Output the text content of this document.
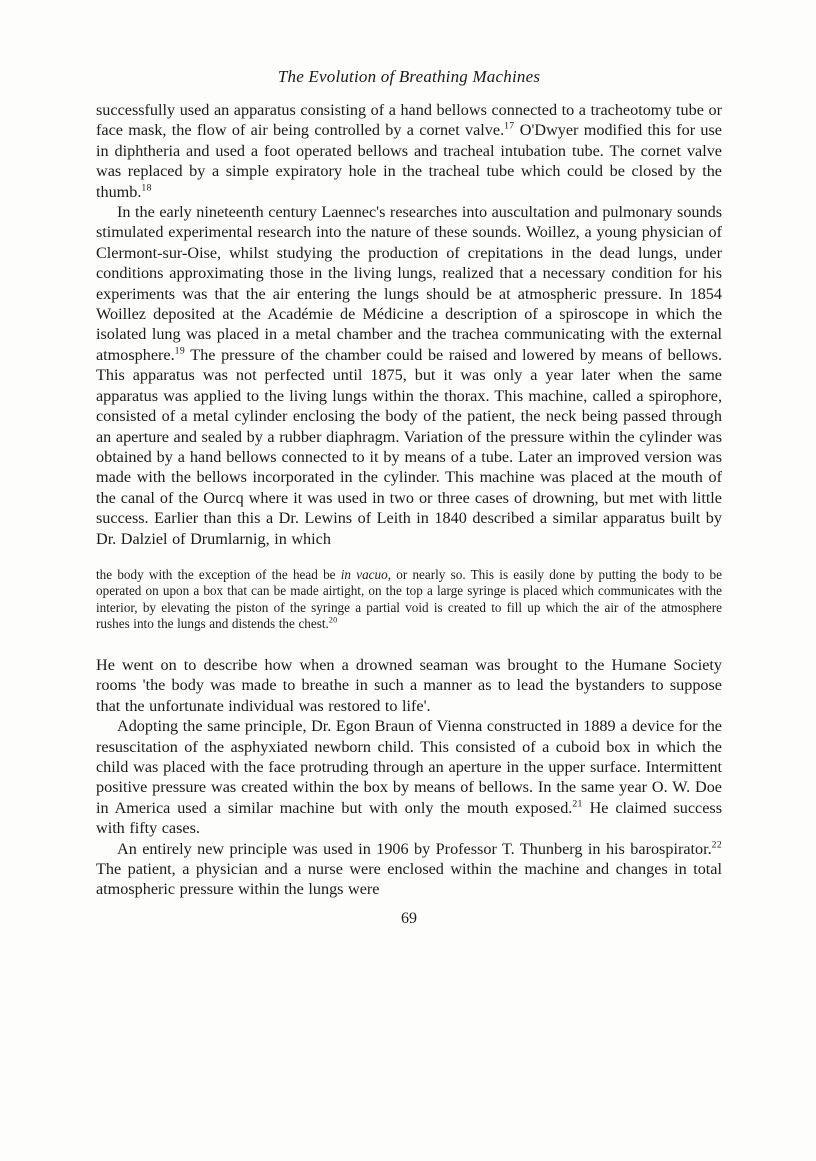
The Evolution of Breathing Machines

successfully used an apparatus consisting of a hand bellows connected to a tracheotomy tube or face mask, the flow of air being controlled by a cornet valve.$^{17}$ O'Dwyer modified this for use in diphtheria and used a foot operated bellows and tracheal intubation tube. The cornet valve was replaced by a simple expiratory hole in the tracheal tube which could be closed by the thumb.$^{18}$

In the early nineteenth century Laennec's researches into auscultation and pulmonary sounds stimulated experimental research into the nature of these sounds. Woillez, a young physician of Clermont-sur-Oise, whilst studying the production of crepitations in the dead lungs, under conditions approximating those in the living lungs, realized that a necessary condition for his experiments was that the air entering the lungs should be at atmospheric pressure. In 1854 Woillez deposited at the Académie de Médicine a description of a spiroscope in which the isolated lung was placed in a metal chamber and the trachea communicating with the external atmosphere.$^{19}$ The pressure of the chamber could be raised and lowered by means of bellows. This apparatus was not perfected until 1875, but it was only a year later when the same apparatus was applied to the living lungs within the thorax. This machine, called a spirophore, consisted of a metal cylinder enclosing the body of the patient, the neck being passed through an aperture and sealed by a rubber diaphragm. Variation of the pressure within the cylinder was obtained by a hand bellows connected to it by means of a tube. Later an improved version was made with the bellows incorporated in the cylinder. This machine was placed at the mouth of the canal of the Ourcq where it was used in two or three cases of drowning, but met with little success. Earlier than this a Dr. Lewins of Leith in 1840 described a similar apparatus built by Dr. Dalziel of Drumlarnig, in which

the body with the exception of the head be in vacuo, or nearly so. This is easily done by putting the body to be operated on upon a box that can be made airtight, on the top a large syringe is placed which communicates with the interior, by elevating the piston of the syringe a partial void is created to fill up which the air of the atmosphere rushes into the lungs and distends the chest.$^{20}$

He went on to describe how when a drowned seaman was brought to the Humane Society rooms 'the body was made to breathe in such a manner as to lead the bystanders to suppose that the unfortunate individual was restored to life'.

Adopting the same principle, Dr. Egon Braun of Vienna constructed in 1889 a device for the resuscitation of the asphyxiated newborn child. This consisted of a cuboid box in which the child was placed with the face protruding through an aperture in the upper surface. Intermittent positive pressure was created within the box by means of bellows. In the same year O. W. Doe in America used a similar machine but with only the mouth exposed.$^{21}$ He claimed success with fifty cases.

An entirely new principle was used in 1906 by Professor T. Thunberg in his barospirator.$^{22}$ The patient, a physician and a nurse were enclosed within the machine and changes in total atmospheric pressure within the lungs were

69
